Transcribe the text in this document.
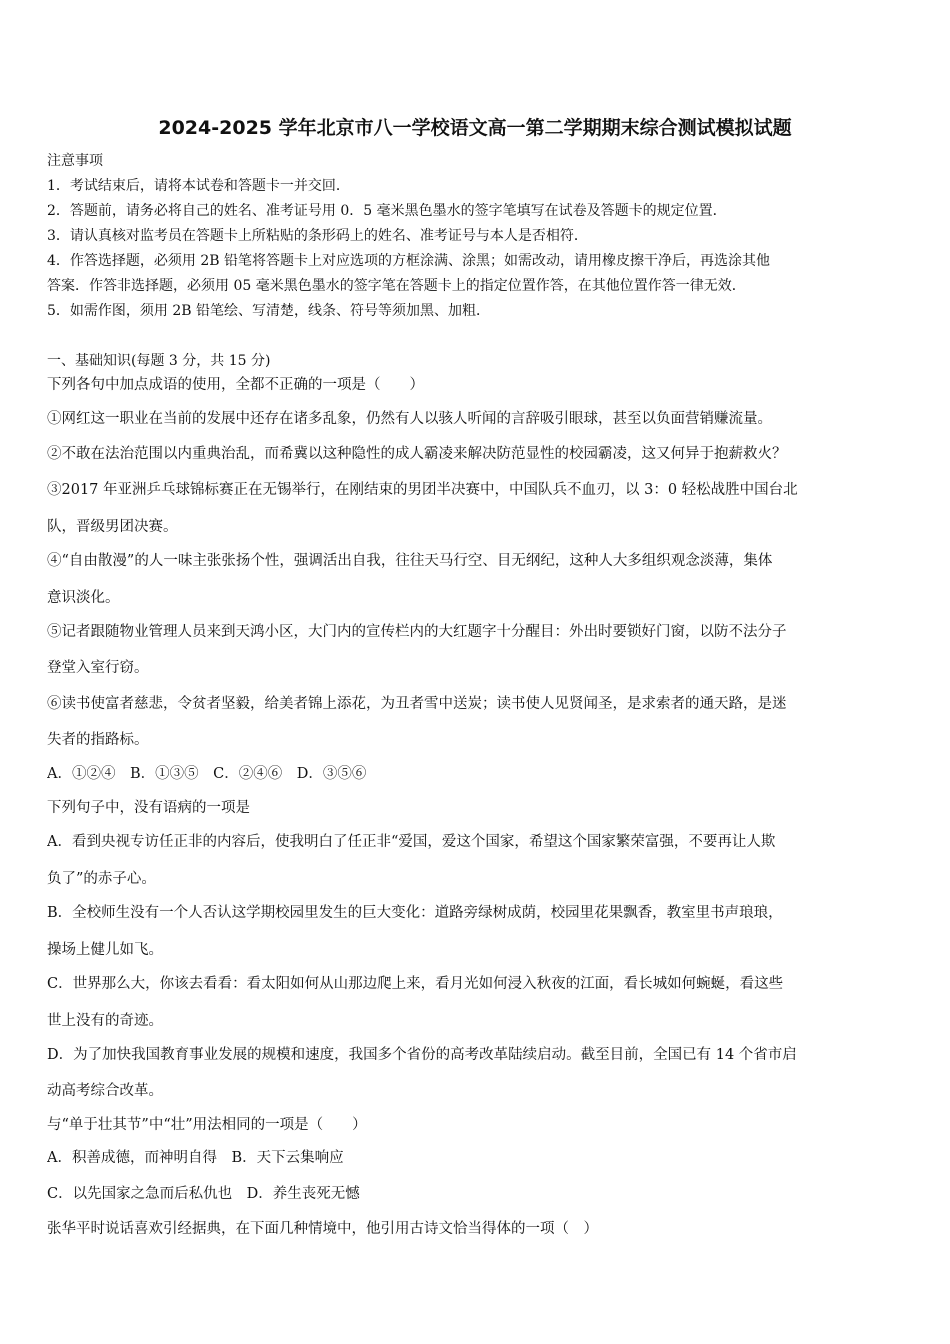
2024-2025 学年北京市八一学校语文高一第二学期期末综合测试模拟试题
注意事项
1．考试结束后，请将本试卷和答题卡一并交回．
2．答题前，请务必将自己的姓名、准考证号用 0．5 毫米黑色墨水的签字笔填写在试卷及答题卡的规定位置．
3．请认真核对监考员在答题卡上所粘贴的条形码上的姓名、准考证号与本人是否相符．
4．作答选择题，必须用 2B 铅笔将答题卡上对应选项的方框涂满、涂黑；如需改动，请用橡皮擦干净后，再选涂其他
答案．作答非选择题，必须用 05 毫米黑色墨水的签字笔在答题卡上的指定位置作答，在其他位置作答一律无效．
5．如需作图，须用 2B 铅笔绘、写清楚，线条、符号等须加黑、加粗．
一、基础知识(每题 3 分，共 15 分)
下列各句中加点成语的使用，全都不正确的一项是（　　）
①网红这一职业在当前的发展中还存在诸多乱象，仍然有人以骇人听闻的言辞吸引眼球，甚至以负面营销赚流量。
②不敢在法治范围以内重典治乱，而希冀以这种隐性的成人霸凌来解决防范显性的校园霸凌，这又何异于抱薪救火？
③2017 年亚洲乒乓球锦标赛正在无锡举行，在刚结束的男团半决赛中，中国队兵不血刃，以 3：0 轻松战胜中国台北
队，晋级男团决赛。
④“自由散漫”的人一味主张张扬个性，强调活出自我，往往天马行空、目无纲纪，这种人大多组织观念淡薄，集体
意识淡化。
⑤记者跟随物业管理人员来到天鸿小区，大门内的宣传栏内的大红题字十分醒目：外出时要锁好门窗，以防不法分子
登堂入室行窃。
⑥读书使富者慈悲，令贫者坚毅，给美者锦上添花，为丑者雪中送炭；读书使人见贤闻圣，是求索者的通天路，是迷
失者的指路标。
A．①②④　B．①③⑤　C．②④⑥　D．③⑤⑥
下列句子中，没有语病的一项是
A．看到央视专访任正非的内容后，使我明白了任正非“爱国，爱这个国家，希望这个国家繁荣富强，不要再让人欺
负了”的赤子心。
B．全校师生没有一个人否认这学期校园里发生的巨大变化：道路旁绿树成荫，校园里花果飘香，教室里书声琅琅，
操场上健儿如飞。
C．世界那么大，你该去看看：看太阳如何从山那边爬上来，看月光如何浸入秋夜的江面，看长城如何蜿蜒，看这些
世上没有的奇迹。
D．为了加快我国教育事业发展的规模和速度，我国多个省份的高考改革陆续启动。截至目前，全国已有 14 个省市启
动高考综合改革。
与“单于壮其节”中“壮”用法相同的一项是（　　）
A．积善成德，而神明自得　B．天下云集响应
C．以先国家之急而后私仇也　D．养生丧死无憾
张华平时说话喜欢引经据典，在下面几种情境中，他引用古诗文恰当得体的一项（　）
